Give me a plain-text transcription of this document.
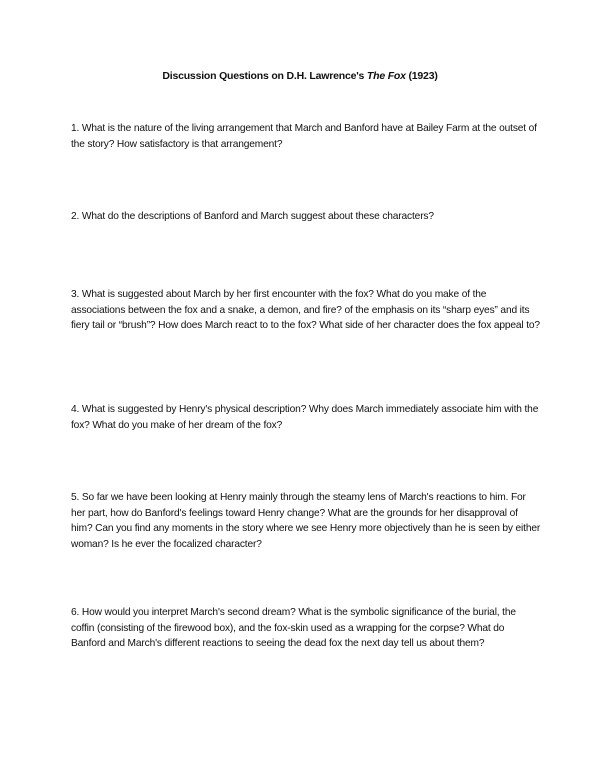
Discussion Questions on D.H. Lawrence's The Fox (1923)

1. What is the nature of the living arrangement that March and Banford have at Bailey Farm at the outset of the story? How satisfactory is that arrangement?

2. What do the descriptions of Banford and March suggest about these characters?

3. What is suggested about March by her first encounter with the fox? What do you make of the associations between the fox and a snake, a demon, and fire? of the emphasis on its “sharp eyes” and its fiery tail or “brush”? How does March react to to the fox? What side of her character does the fox appeal to?

4. What is suggested by Henry's physical description? Why does March immediately associate him with the fox? What do you make of her dream of the fox?

5. So far we have been looking at Henry mainly through the steamy lens of March's reactions to him. For her part, how do Banford's feelings toward Henry change? What are the grounds for her disapproval of him? Can you find any moments in the story where we see Henry more objectively than he is seen by either woman? Is he ever the focalized character?

6. How would you interpret March's second dream? What is the symbolic significance of the burial, the coffin (consisting of the firewood box), and the fox-skin used as a wrapping for the corpse? What do Banford and March's different reactions to seeing the dead fox the next day tell us about them?
